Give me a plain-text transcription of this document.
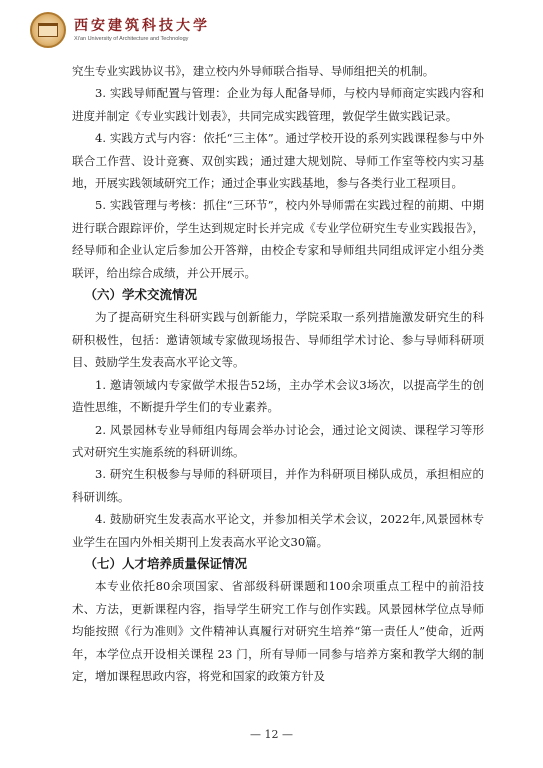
西安建筑科技大学
Xi'an University of Architecture and Technology

究生专业实践协议书》，建立校内外导师联合指导、导师组把关的机制。

3. 实践导师配置与管理：企业为每人配备导师，与校内导师商定实践内容和进度并制定《专业实践计划表》，共同完成实践管理，敦促学生做实践记录。

4. 实践方式与内容：依托“三主体”。通过学校开设的系列实践课程参与中外联合工作营、设计竞赛、双创实践；通过建大规划院、导师工作室等校内实习基地，开展实践领域研究工作；通过企事业实践基地，参与各类行业工程项目。

5. 实践管理与考核：抓住“三环节”，校内外导师需在实践过程的前期、中期进行联合跟踪评价，学生达到规定时长并完成《专业学位研究生专业实践报告》，经导师和企业认定后参加公开答辩，由校企专家和导师组共同组成评定小组分类联评，给出综合成绩，并公开展示。

（六）学术交流情况

为了提高研究生科研实践与创新能力，学院采取一系列措施激发研究生的科研积极性，包括：邀请领域专家做现场报告、导师组学术讨论、参与导师科研项目、鼓励学生发表高水平论文等。

1. 邀请领域内专家做学术报告52场，主办学术会议3场次，以提高学生的创造性思维，不断提升学生们的专业素养。

2. 风景园林专业导师组内每周会举办讨论会，通过论文阅读、课程学习等形式对研究生实施系统的科研训练。

3. 研究生积极参与导师的科研项目，并作为科研项目梯队成员，承担相应的科研训练。

4. 鼓励研究生发表高水平论文，并参加相关学术会议，2022年,风景园林专业学生在国内外相关期刊上发表高水平论文30篇。

（七）人才培养质量保证情况

本专业依托80余项国家、省部级科研课题和100余项重点工程中的前沿技术、方法，更新课程内容，指导学生研究工作与创作实践。风景园林学位点导师均能按照《行为准则》文件精神认真履行对研究生培养“第一责任人”使命，近两年，本学位点开设相关课程 23 门，所有导师一同参与培养方案和教学大纲的制定，增加课程思政内容，将党和国家的政策方针及

— 12 —
